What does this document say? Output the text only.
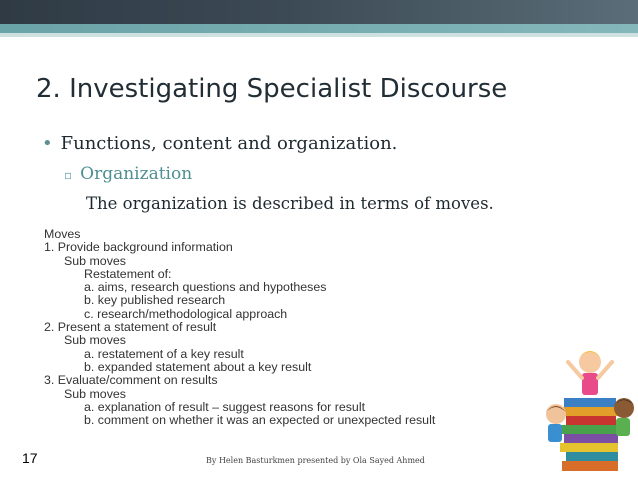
2. Investigating Specialist Discourse
• Functions, content and organization.
▫ Organization
The organization is described in terms of moves.
Moves
1. Provide background information
Sub moves
Restatement of:
a. aims, research questions and hypotheses
b. key published research
c. research/methodological approach
2. Present a statement of result
Sub moves
a. restatement of a key result
b. expanded statement about a key result
3. Evaluate/comment on results
Sub moves
a. explanation of result – suggest reasons for result
b. comment on whether it was an expected or unexpected result
17	By Helen Basturkmen presented by Ola Sayed Ahmed
